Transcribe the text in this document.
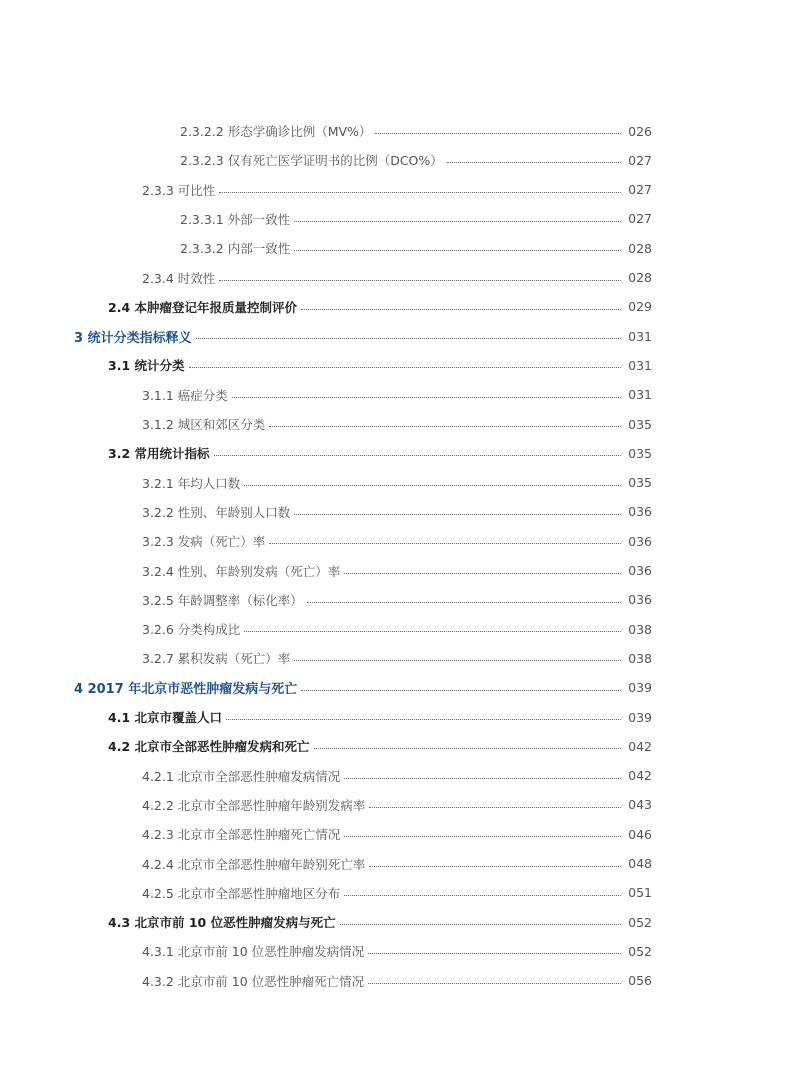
2.3.2.2 形态学确诊比例（MV%）	026
2.3.2.3 仅有死亡医学证明书的比例（DCO%）	027
2.3.3 可比性	027
2.3.3.1 外部一致性	027
2.3.3.2 内部一致性	028
2.3.4 时效性	028
2.4 本肿瘤登记年报质量控制评价	029
3 统计分类指标释义	031
3.1 统计分类	031
3.1.1 癌症分类	031
3.1.2 城区和郊区分类	035
3.2 常用统计指标	035
3.2.1 年均人口数	035
3.2.2 性别、年龄别人口数	036
3.2.3 发病（死亡）率	036
3.2.4 性别、年龄别发病（死亡）率	036
3.2.5 年龄调整率（标化率）	036
3.2.6 分类构成比	038
3.2.7 累积发病（死亡）率	038
4 2017 年北京市恶性肿瘤发病与死亡	039
4.1 北京市覆盖人口	039
4.2 北京市全部恶性肿瘤发病和死亡	042
4.2.1 北京市全部恶性肿瘤发病情况	042
4.2.2 北京市全部恶性肿瘤年龄别发病率	043
4.2.3 北京市全部恶性肿瘤死亡情况	046
4.2.4 北京市全部恶性肿瘤年龄别死亡率	048
4.2.5 北京市全部恶性肿瘤地区分布	051
4.3 北京市前 10 位恶性肿瘤发病与死亡	052
4.3.1 北京市前 10 位恶性肿瘤发病情况	052
4.3.2 北京市前 10 位恶性肿瘤死亡情况	056
